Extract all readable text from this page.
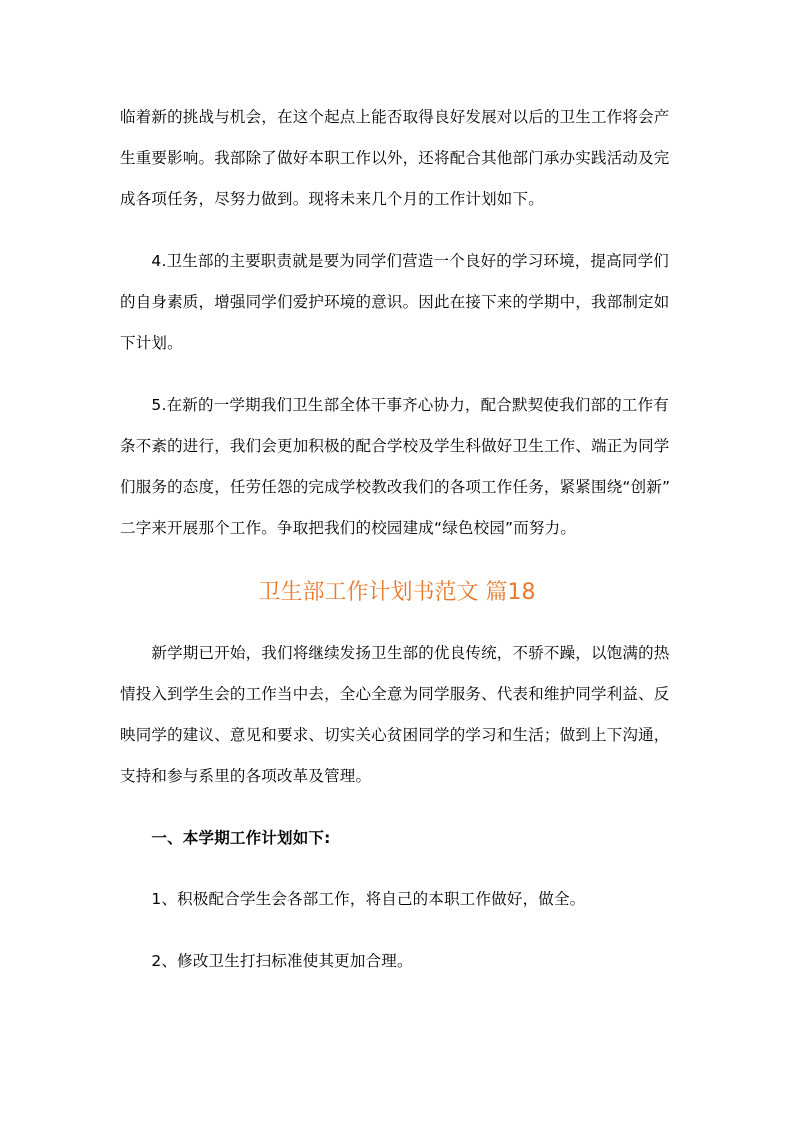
临着新的挑战与机会，在这个起点上能否取得良好发展对以后的卫生工作将会产
生重要影响。我部除了做好本职工作以外，还将配合其他部门承办实践活动及完
成各项任务，尽努力做到。现将未来几个月的工作计划如下。

　　4.卫生部的主要职责就是要为同学们营造一个良好的学习环境，提高同学们
的自身素质，增强同学们爱护环境的意识。因此在接下来的学期中，我部制定如
下计划。

　　5.在新的一学期我们卫生部全体干事齐心协力，配合默契使我们部的工作有
条不紊的进行，我们会更加积极的配合学校及学生科做好卫生工作、端正为同学
们服务的态度，任劳任怨的完成学校教改我们的各项工作任务，紧紧围绕“创新”
二字来开展那个工作。争取把我们的校园建成“绿色校园”而努力。

卫生部工作计划书范文 篇18

　　新学期已开始，我们将继续发扬卫生部的优良传统，不骄不躁，以饱满的热
情投入到学生会的工作当中去，全心全意为同学服务、代表和维护同学利益、反
映同学的建议、意见和要求、切实关心贫困同学的学习和生活；做到上下沟通，
支持和参与系里的各项改革及管理。

　　一、本学期工作计划如下:

　　1、积极配合学生会各部工作，将自己的本职工作做好，做全。

　　2、修改卫生打扫标准使其更加合理。
